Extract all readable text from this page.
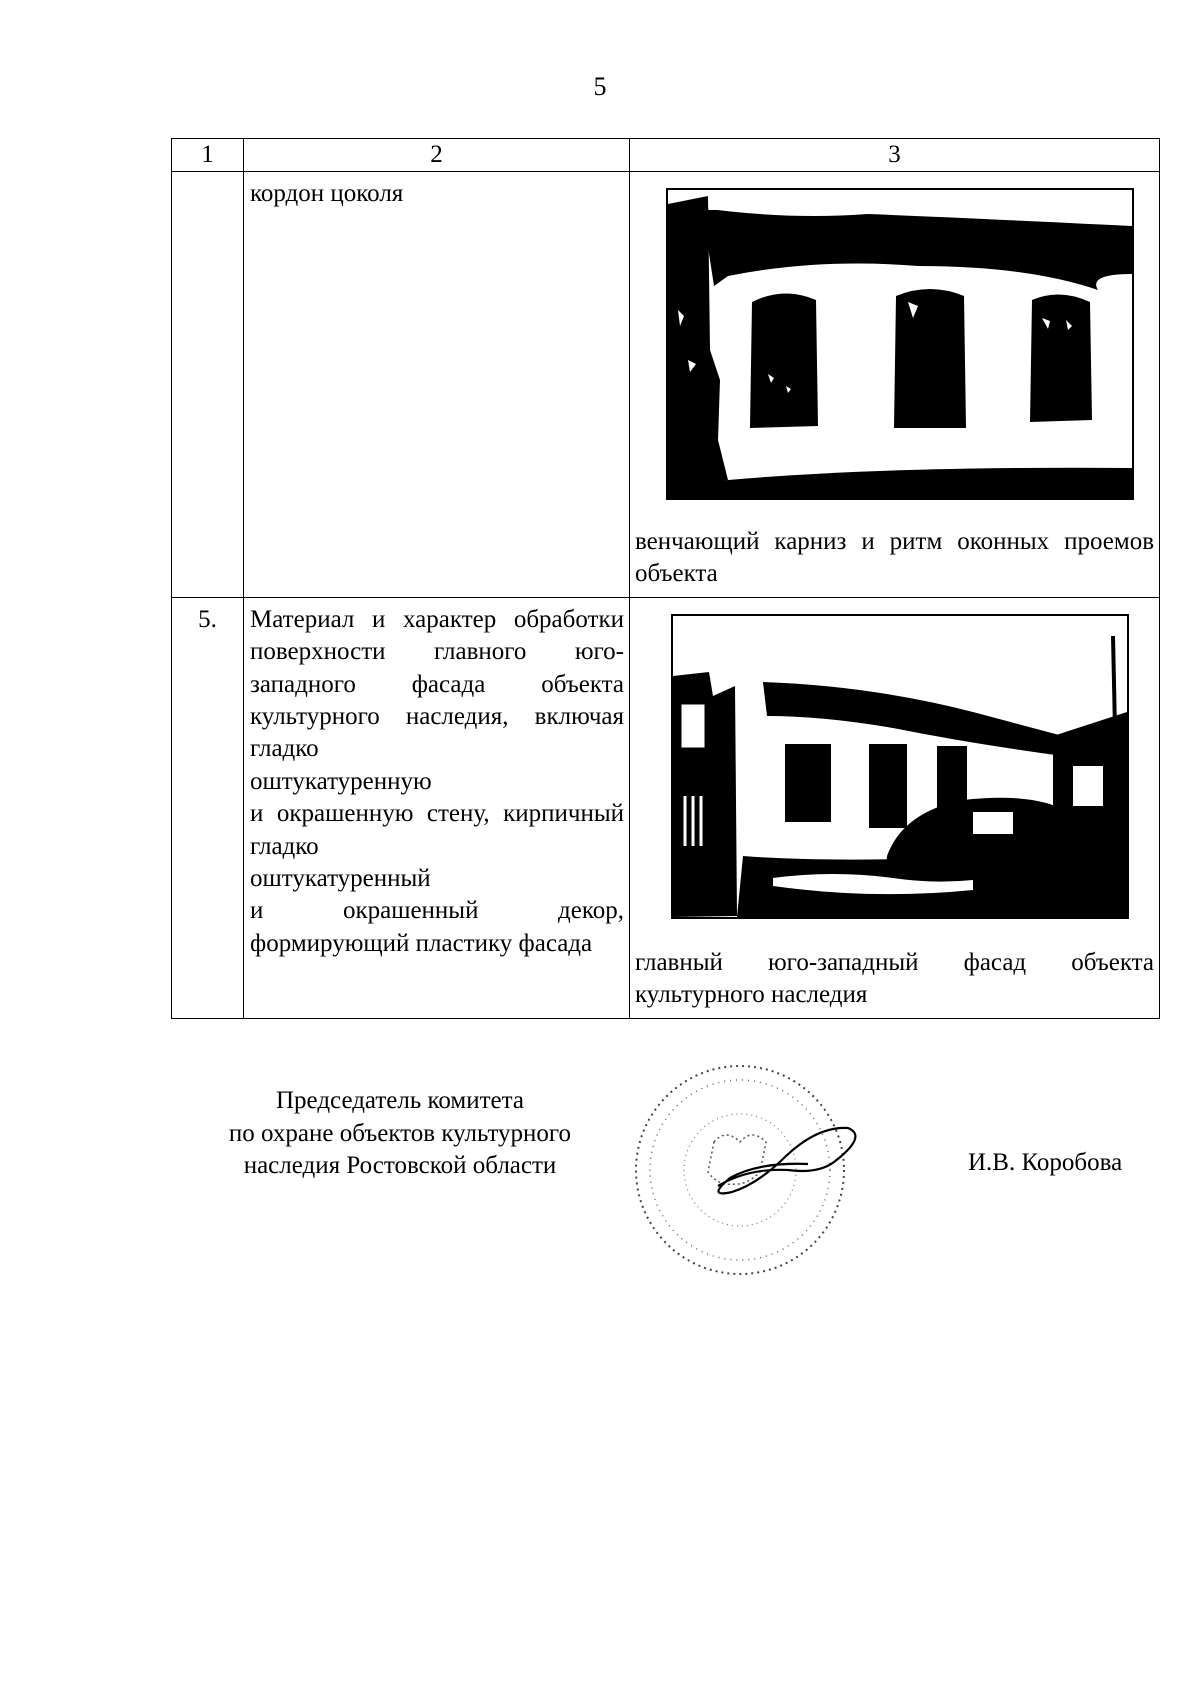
5
1	2	3
	кордон цоколя	венчающий карниз и ритм оконных проемов объекта

5.	Материал и характер обработки поверхности главного юго-западного фасада объекта культурного наследия, включая гладко
оштукатуренную
и окрашенную стену, кирпичный гладко
оштукатуренный
и окрашенный декор, формирующий пластику фасада	главный юго-западный фасад объекта культурного наследия
Председатель комитета
по охране объектов культурного
наследия Ростовской области	И.В. Коробова
